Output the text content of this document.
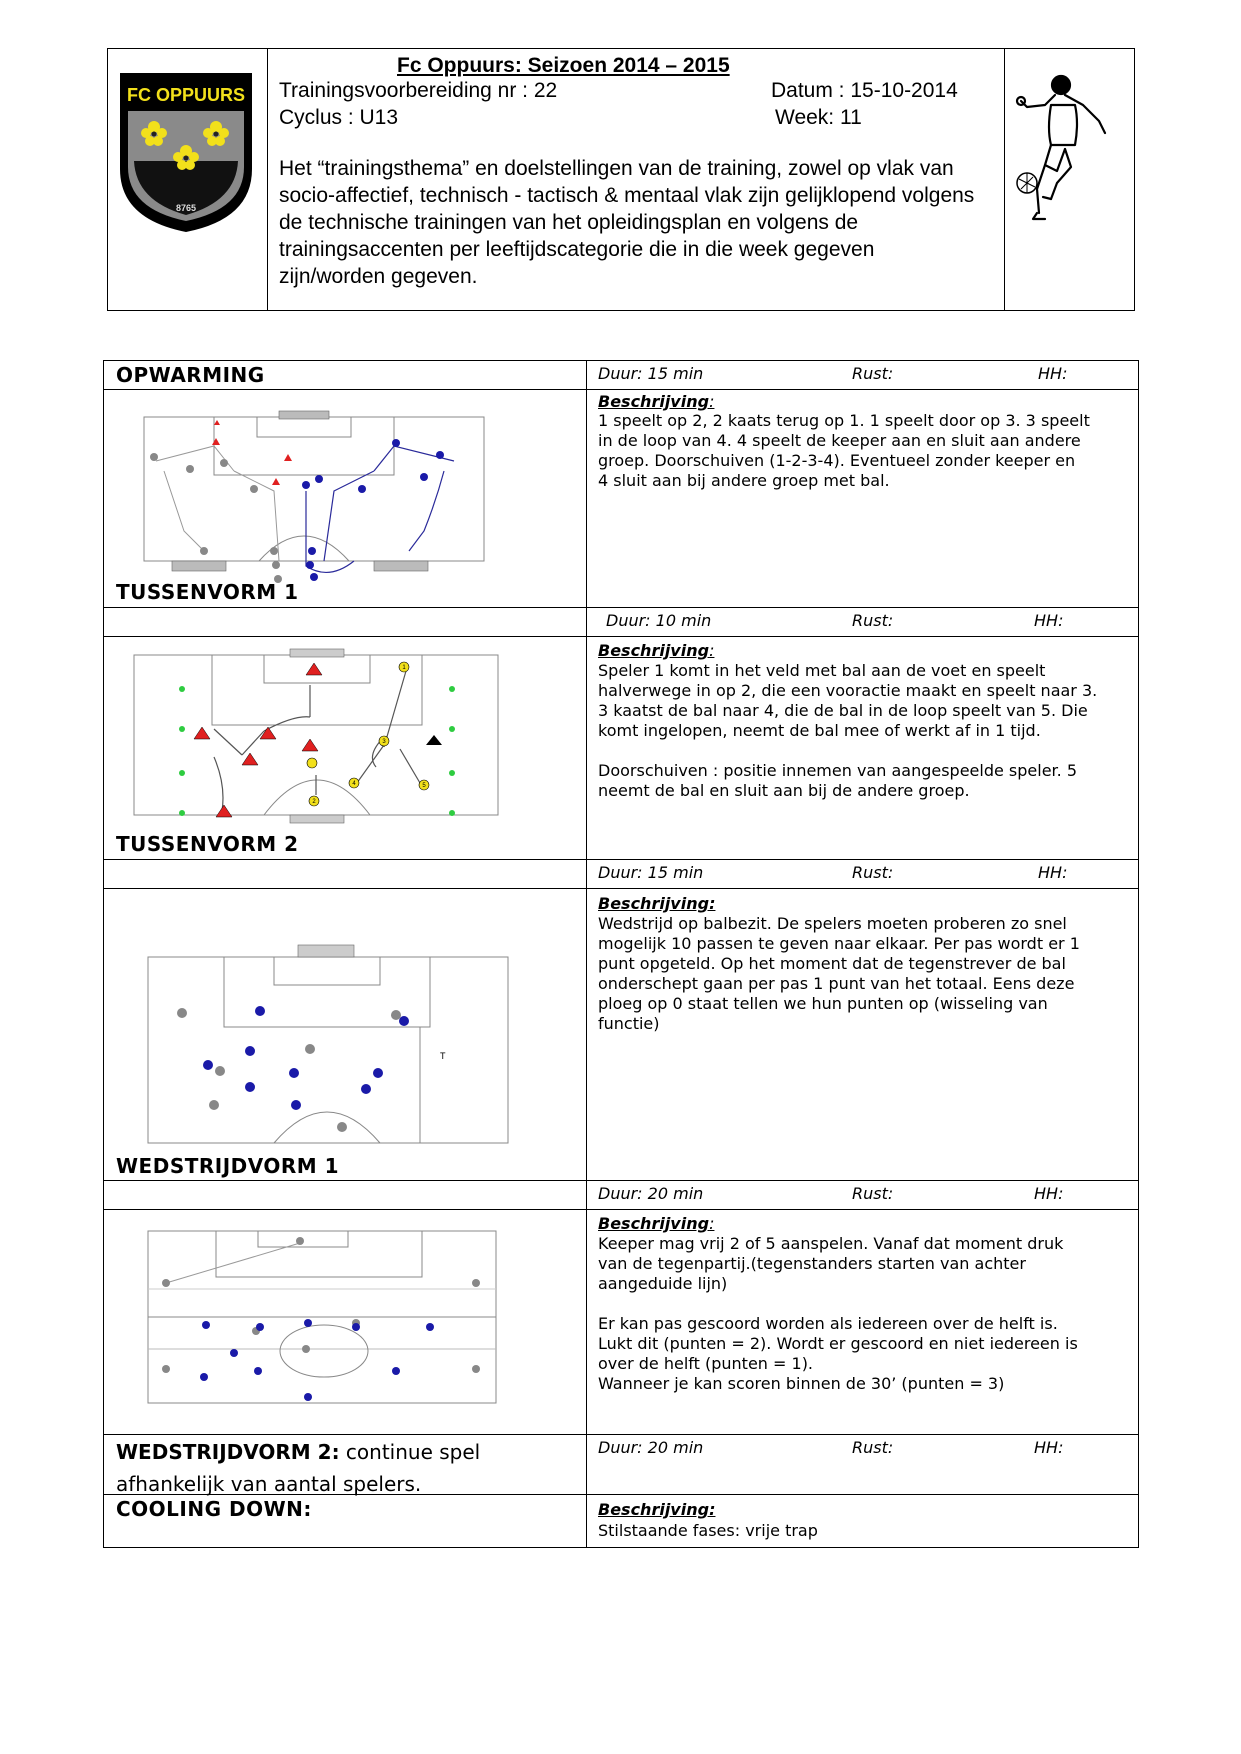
FC OPPUURS
8765
Fc Oppuurs: Seizoen 2014 – 2015
Trainingsvoorbereiding nr : 22	Datum : 15-10-2014
Cyclus : U13	Week: 11
Het “trainingsthema” en doelstellingen van de training, zowel op vlak van socio-affectief, technisch - tactisch & mentaal vlak zijn gelijklopend volgens de technische trainingen van het opleidingsplan en volgens de trainingsaccenten per leeftijdscategorie die in die week gegeven zijn/worden gegeven.
OPWARMING	Duur: 15 min	Rust:	HH:
Beschrijving:
1 speelt op 2, 2 kaats terug op 1. 1 speelt door op 3. 3 speelt
in de loop van 4. 4 speelt de keeper aan en sluit aan andere
groep. Doorschuiven (1-2-3-4). Eventueel zonder keeper en
4 sluit aan bij andere groep met bal.
TUSSENVORM 1
Duur: 10 min	Rust:	HH:
Beschrijving:
Speler 1 komt in het veld met bal aan de voet en speelt
halverwege in op 2, die een vooractie maakt en speelt naar 3.
3 kaatst de bal naar 4, die de bal in de loop speelt van 5. Die
komt ingelopen, neemt de bal mee of werkt af in 1 tijd.

Doorschuiven : positie innemen van aangespeelde speler. 5
neemt de bal en sluit aan bij de andere groep.
1
3
4	5
2
TUSSENVORM 2
Duur: 15 min	Rust:	HH:
Beschrijving:
Wedstrijd op balbezit. De spelers moeten proberen zo snel
mogelijk 10 passen te geven naar elkaar. Per pas wordt er 1
punt opgeteld. Op het moment dat de tegenstrever de bal
onderschept gaan per pas 1 punt van het totaal. Eens deze
ploeg op 0 staat tellen we hun punten op (wisseling van
functie)
T
WEDSTRIJDVORM 1
Duur: 20 min	Rust:	HH:
Beschrijving:
Keeper mag vrij 2 of 5 aanspelen. Vanaf dat moment druk
van de tegenpartij.(tegenstanders starten van achter
aangeduide lijn)

Er kan pas gescoord worden als iedereen over de helft is.
Lukt dit (punten = 2). Wordt er gescoord en niet iedereen is
over de helft (punten = 1).
Wanneer je kan scoren binnen de 30’ (punten = 3)
WEDSTRIJDVORM 2: continue spel afhankelijk van aantal spelers.
Duur: 20 min	Rust:	HH:
COOLING DOWN:	Beschrijving:
Stilstaande fases: vrije trap
